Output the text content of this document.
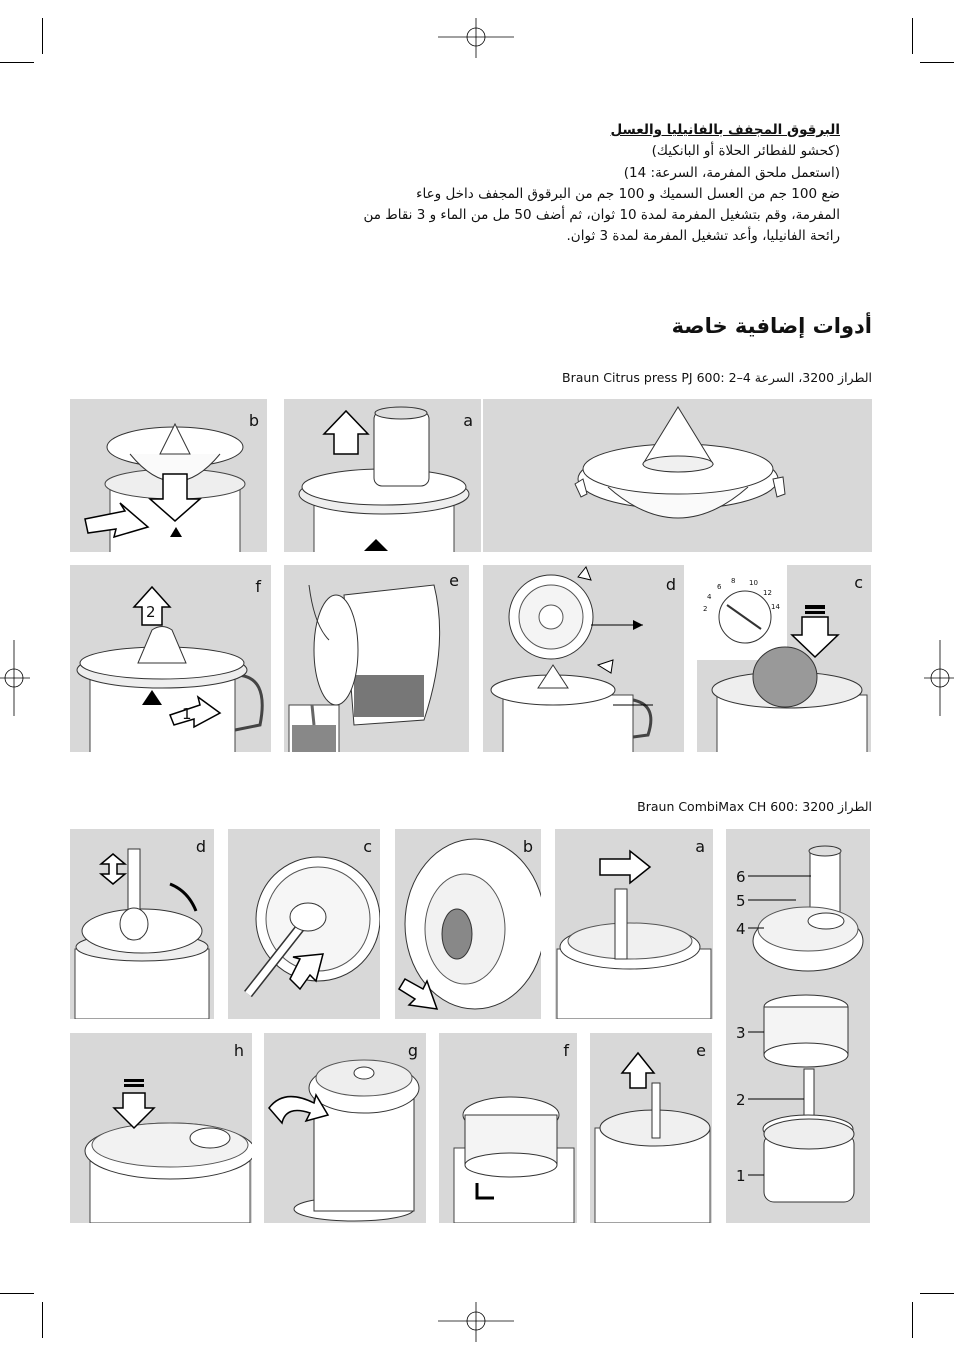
البرقوق المجفف بالفانيليا والعسل
(كحشو للفطائر الحلاة أو البانكيك)
(استعمل ملحق المفرمة، السرعة: 14)
ضع 100 جم من العسل السميك و 100 جم من البرقوق المجفف داخل وعاء
المفرمة، وقم بتشغيل المفرمة لمدة 10 ثوان، ثم أضف 50 مل من الماء و 3 نقاط من
رائحة الفانيليا، وأعد تشغيل المفرمة لمدة 3 ثوان.
أدوات إضافية خاصة
Braun Citrus press PJ 600: الطراز 3200، السرعة 4–2
b	a
f
2
1
e	d	c
2
4
6
8 10
12
14
Braun CombiMax CH 600: الطراز 3200
d	c	b	a
h	g	f	e
6
5
4
3
2
1
